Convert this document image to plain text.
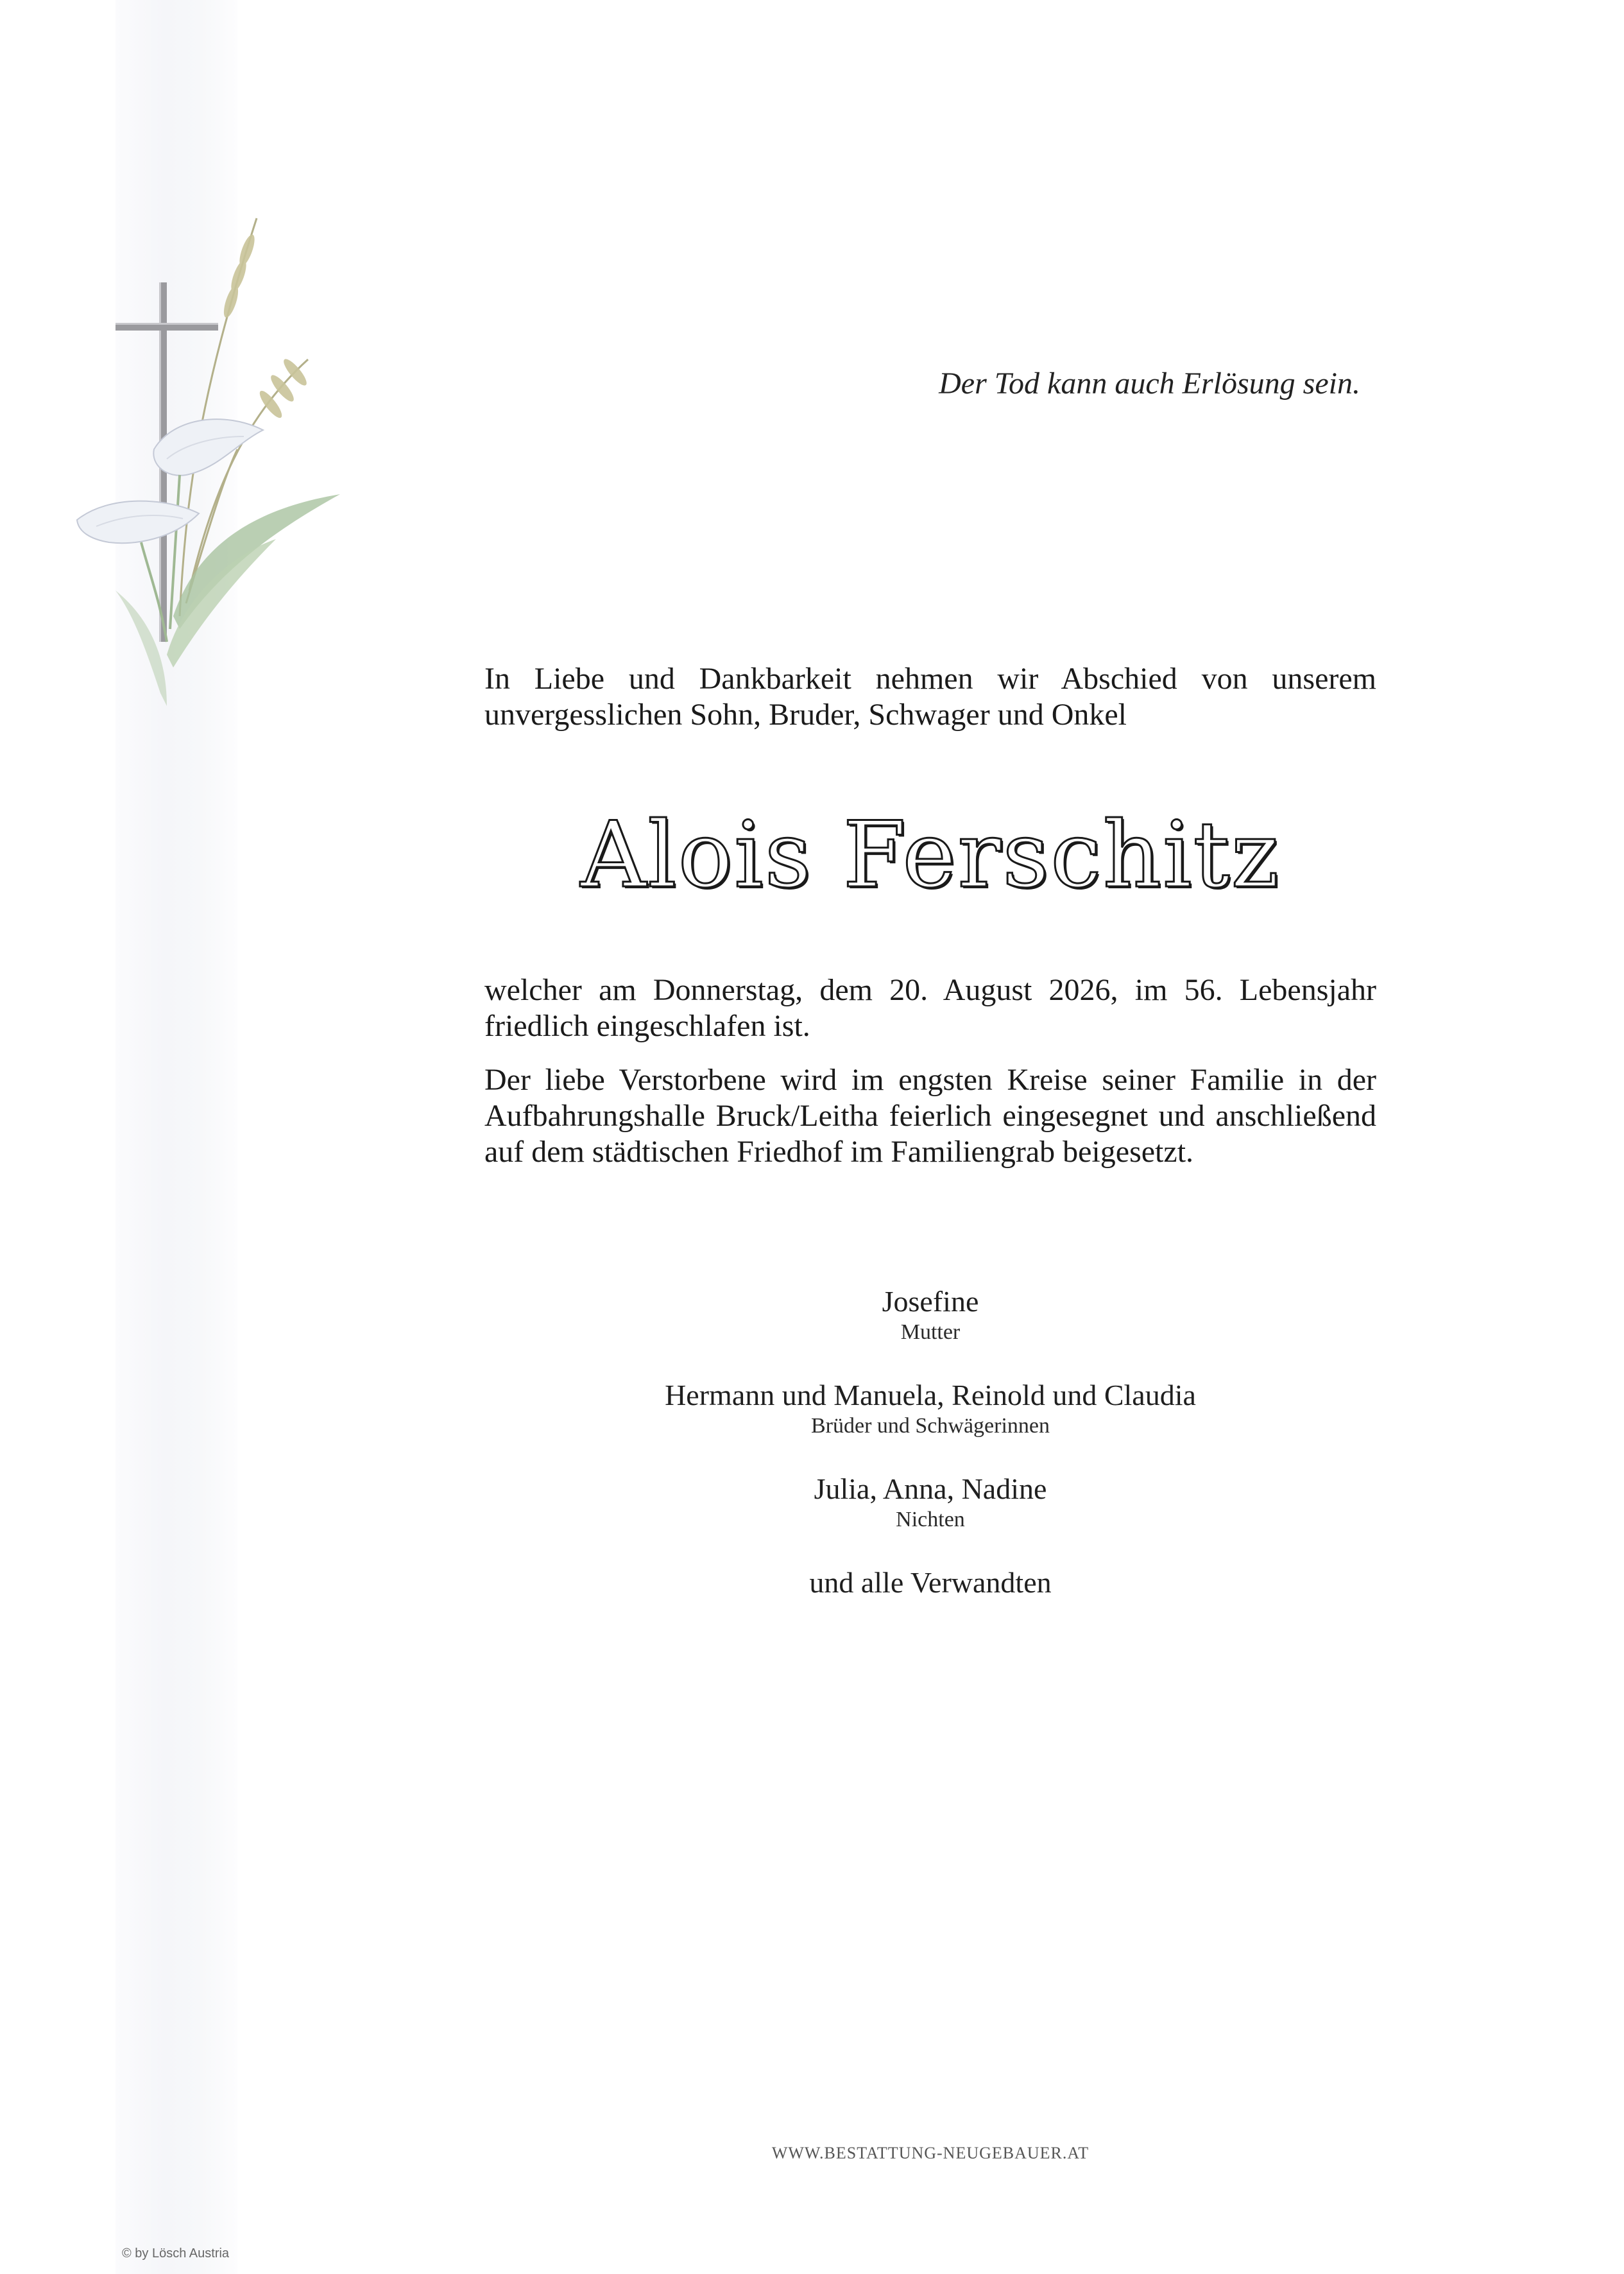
Der Tod kann auch Erlösung sein.
In Liebe und Dankbarkeit nehmen wir Abschied von unserem unvergesslichen Sohn, Bruder, Schwager und Onkel
Alois Ferschitz
welcher am Donnerstag, dem 20. August 2026, im 56. Lebensjahr friedlich eingeschlafen ist.
Der liebe Verstorbene wird im engsten Kreise seiner Familie in der Aufbahrungshalle Bruck/Leitha feierlich eingesegnet und anschließend auf dem städtischen Friedhof im Familiengrab beigesetzt.
Josefine
Mutter
Hermann und Manuela, Reinold und Claudia
Brüder und Schwägerinnen
Julia, Anna, Nadine
Nichten
und alle Verwandten
WWW.BESTATTUNG-NEUGEBAUER.AT
© by Lösch Austria
